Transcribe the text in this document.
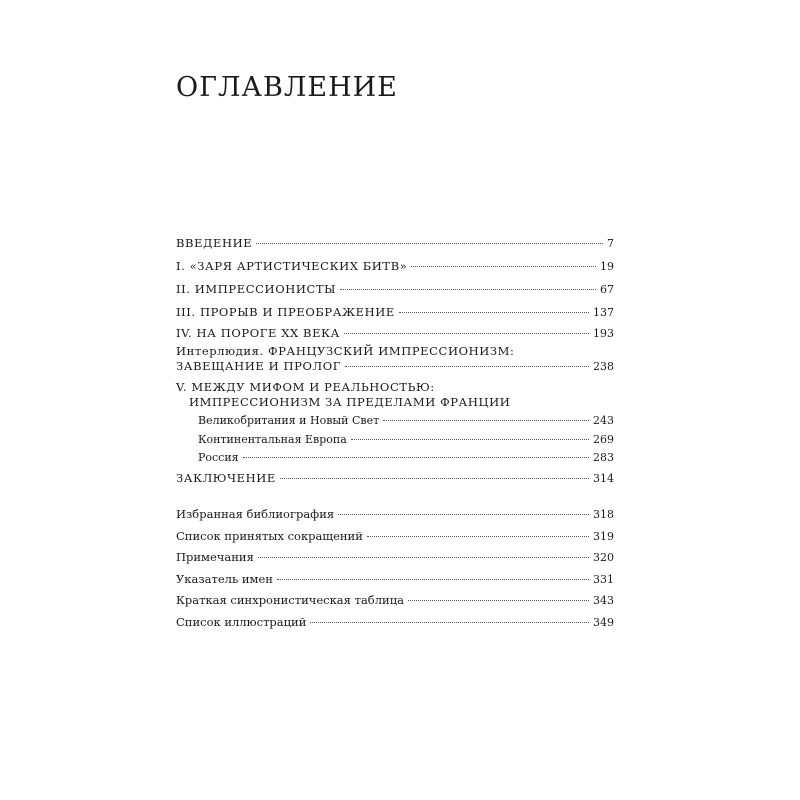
ОГЛАВЛЕНИЕ
ВВЕДЕНИЕ	7
I. «ЗАРЯ АРТИСТИЧЕСКИХ БИТВ»	19
II. ИМПРЕССИОНИСТЫ	67
III. ПРОРЫВ И ПРЕОБРАЖЕНИЕ	137
IV. НА ПОРОГЕ XX ВЕКА	193
Интерлюдия. ФРАНЦУЗСКИЙ ИМПРЕССИОНИЗМ:
ЗАВЕЩАНИЕ И ПРОЛОГ	238
V. МЕЖДУ МИФОМ И РЕАЛЬНОСТЬЮ:
ИМПРЕССИОНИЗМ ЗА ПРЕДЕЛАМИ ФРАНЦИИ
Великобритания и Новый Свет	243
Континентальная Европа	269
Россия	283
ЗАКЛЮЧЕНИЕ	314
Избранная библиография	318
Список принятых сокращений	319
Примечания	320
Указатель имен	331
Краткая синхронистическая таблица	343
Список иллюстраций	349
